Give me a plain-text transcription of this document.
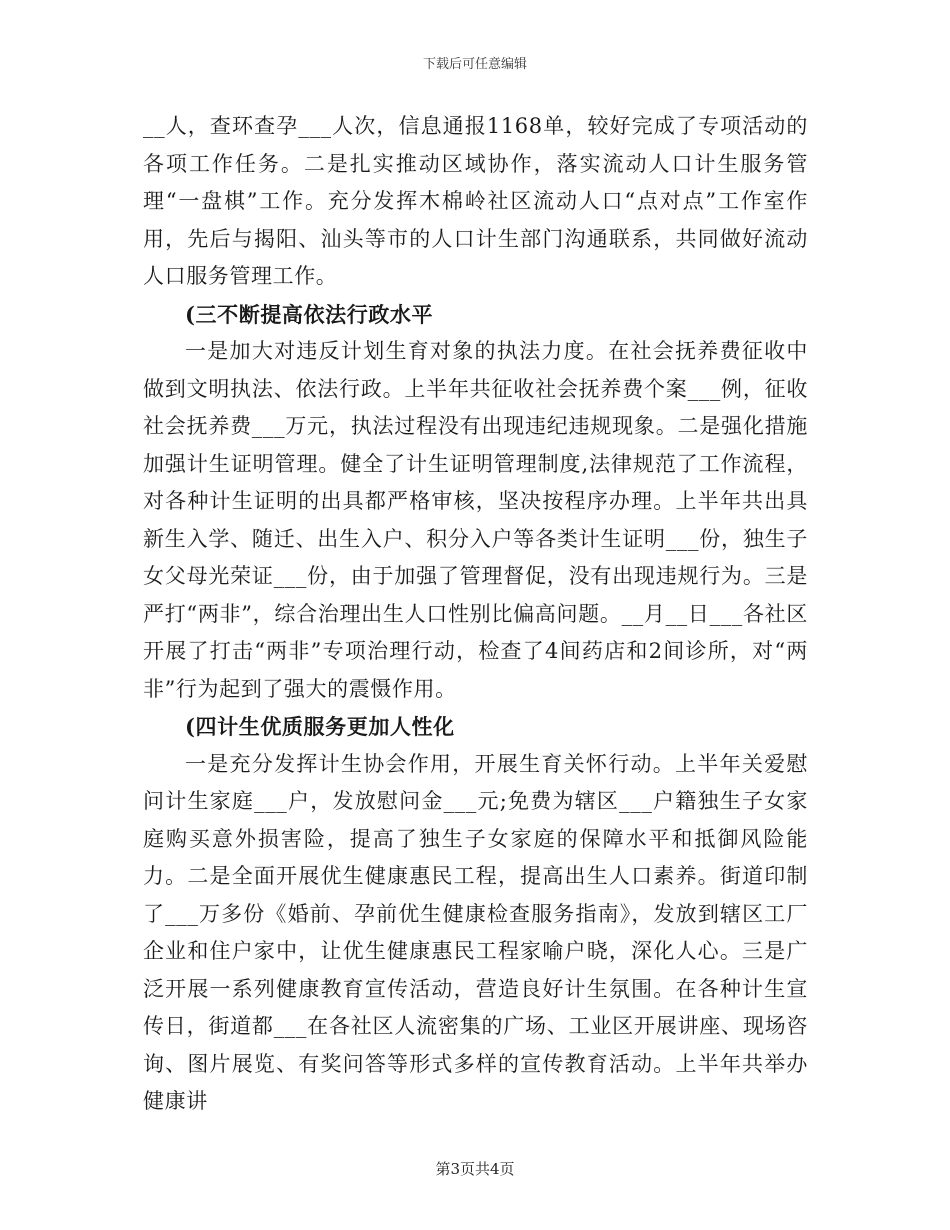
下载后可任意编辑

__人，查环查孕___人次，信息通报1168单，较好完成了专项活动的各项工作任务。二是扎实推动区域协作，落实流动人口计生服务管理“一盘棋”工作。充分发挥木棉岭社区流动人口“点对点”工作室作用，先后与揭阳、汕头等市的人口计生部门沟通联系，共同做好流动人口服务管理工作。

(三不断提高依法行政水平

一是加大对违反计划生育对象的执法力度。在社会抚养费征收中做到文明执法、依法行政。上半年共征收社会抚养费个案___例，征收社会抚养费___万元，执法过程没有出现违纪违规现象。二是强化措施加强计生证明管理。健全了计生证明管理制度,法律规范了工作流程，对各种计生证明的出具都严格审核，坚决按程序办理。上半年共出具新生入学、随迁、出生入户、积分入户等各类计生证明___份，独生子女父母光荣证___份，由于加强了管理督促，没有出现违规行为。三是严打“两非”，综合治理出生人口性别比偏高问题。__月__日___各社区开展了打击“两非”专项治理行动，检查了4间药店和2间诊所，对“两非”行为起到了强大的震慑作用。

(四计生优质服务更加人性化

一是充分发挥计生协会作用，开展生育关怀行动。上半年关爱慰问计生家庭___户，发放慰问金___元;免费为辖区___户籍独生子女家庭购买意外损害险，提高了独生子女家庭的保障水平和抵御风险能力。二是全面开展优生健康惠民工程，提高出生人口素养。街道印制了___万多份《婚前、孕前优生健康检查服务指南》，发放到辖区工厂企业和住户家中，让优生健康惠民工程家喻户晓，深化人心。三是广泛开展一系列健康教育宣传活动，营造良好计生氛围。在各种计生宣传日，街道都___在各社区人流密集的广场、工业区开展讲座、现场咨询、图片展览、有奖问答等形式多样的宣传教育活动。上半年共举办健康讲

第3页共4页
